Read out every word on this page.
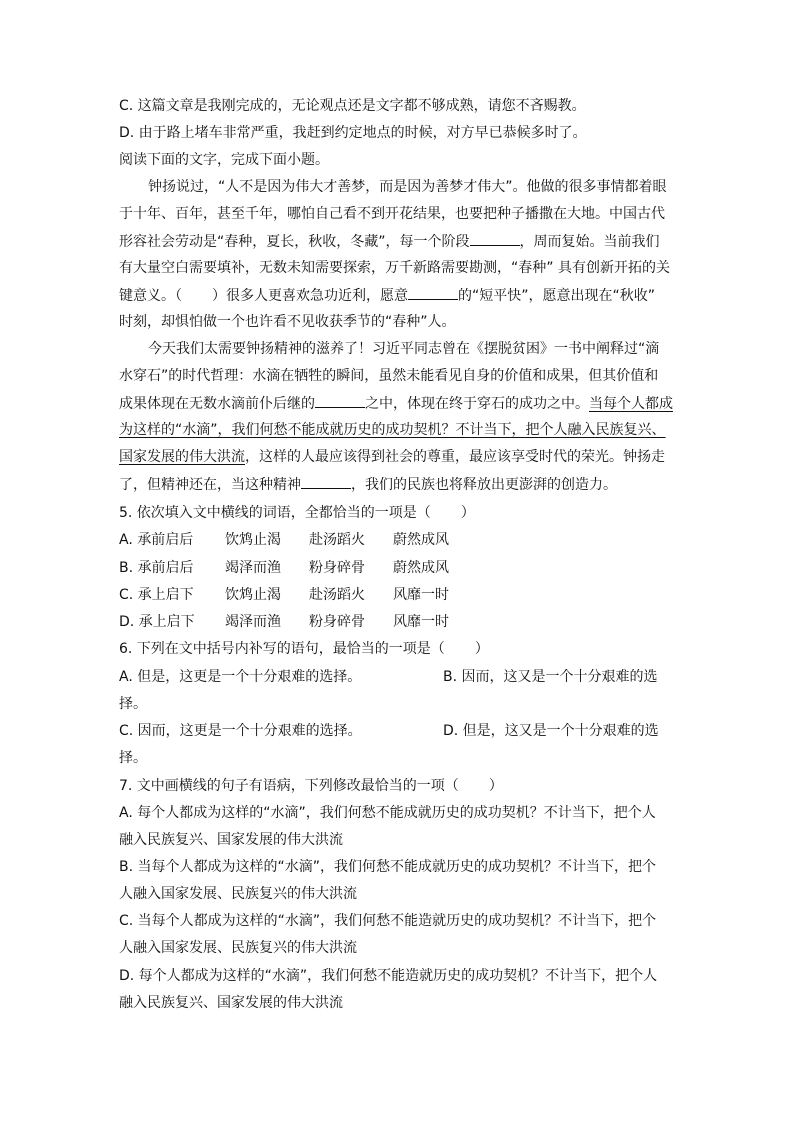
C. 这篇文章是我刚完成的，无论观点还是文字都不够成熟，请您不吝赐教。
D. 由于路上堵车非常严重，我赶到约定地点的时候，对方早已恭候多时了。
阅读下面的文字，完成下面小题。
钟扬说过，“人不是因为伟大才善梦，而是因为善梦才伟大”。他做的很多事情都着眼
于十年、百年，甚至千年，哪怕自己看不到开花结果，也要把种子播撒在大地。中国古代
形容社会劳动是“春种，夏长，秋收，冬藏”，每一个阶段	，周而复始。当前我们
有大量空白需要填补，无数未知需要探索，万千新路需要勘测，“春种” 具有创新开拓的关
键意义。（ ）很多人更喜欢急功近利，愿意	的“短平快”，愿意出现在“秋收”
时刻，却惧怕做一个也许看不见收获季节的“春种”人。
今天我们太需要钟扬精神的滋养了！习近平同志曾在《摆脱贫困》一书中阐释过“滴
水穿石”的时代哲理：水滴在牺牲的瞬间，虽然未能看见自身的价值和成果，但其价值和
成果体现在无数水滴前仆后继的	之中，体现在终于穿石的成功之中。当每个人都成
为这样的“水滴”，我们何愁不能成就历史的成功契机？不计当下，把个人融入民族复兴、
国家发展的伟大洪流，这样的人最应该得到社会的尊重，最应该享受时代的荣光。钟扬走
了，但精神还在，当这种精神	，我们的民族也将释放出更澎湃的创造力。
5. 依次填入文中横线的词语，全都恰当的一项是（ ）
A. 承前启后 饮鸩止渴 赴汤蹈火 蔚然成风
B. 承前启后 竭泽而渔 粉身碎骨 蔚然成风
C. 承上启下 饮鸩止渴 赴汤蹈火 风靡一时
D. 承上启下 竭泽而渔 粉身碎骨 风靡一时
6. 下列在文中括号内补写的语句，最恰当的一项是（ ）
A. 但是，这更是一个十分艰难的选择。	B. 因而，这又是一个十分艰难的选
择。
C. 因而，这更是一个十分艰难的选择。	D. 但是，这又是一个十分艰难的选
择。
7. 文中画横线的句子有语病，下列修改最恰当的一项（ ）
A. 每个人都成为这样的“水滴”，我们何愁不能成就历史的成功契机？不计当下，把个人
融入民族复兴、国家发展的伟大洪流
B. 当每个人都成为这样的“水滴”，我们何愁不能成就历史的成功契机？不计当下，把个
人融入国家发展、民族复兴的伟大洪流
C. 当每个人都成为这样的“水滴”，我们何愁不能造就历史的成功契机？不计当下，把个
人融入国家发展、民族复兴的伟大洪流
D. 每个人都成为这样的“水滴”，我们何愁不能造就历史的成功契机？不计当下，把个人
融入民族复兴、国家发展的伟大洪流
